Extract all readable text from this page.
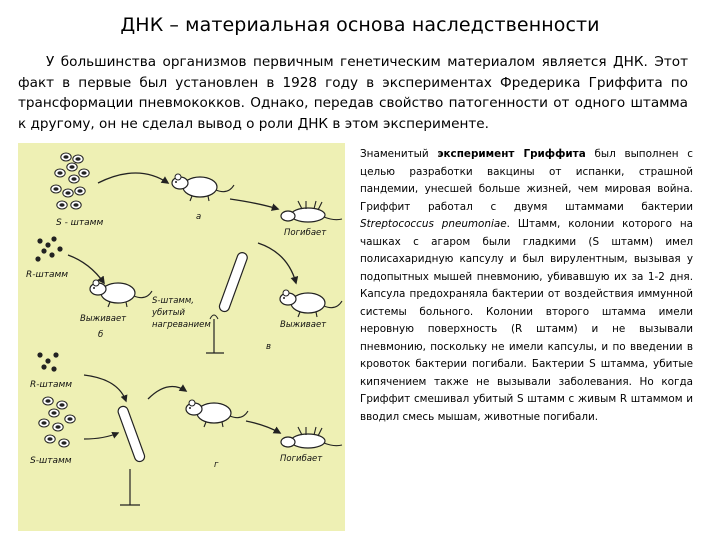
ДНК – материальная основа наследственности

У большинства организмов первичным генетическим материалом является ДНК. Этот факт в первые был установлен в 1928 году в экспериментах Фредерика Гриффита по трансформации пневмококков. Однако, передав свойство патогенности от одного штамма к другому, он не сделал вывод о роли ДНК в этом эксперименте.

S - штамм
а
Погибает
R-штамм
Выживает
б
S-штамм,
убитый
нагреванием	Выживает
в
R-штамм
S-штамм	Погибает
г

Знаменитый эксперимент Гриффита был выполнен с целью разработки вакцины от испанки, страшной пандемии, унесшей больше жизней, чем мировая война. Гриффит работал с двумя штаммами бактерии Streptococcus pneumoniae. Штамм, колонии которого на чашках с агаром были гладкими (S штамм) имел полисахаридную капсулу и был вирулентным, вызывая у подопытных мышей пневмонию, убивавшую их за 1-2 дня. Капсула предохраняла бактерии от воздействия иммунной системы больного. Колонии второго штамма имели неровную поверхность (R штамм) и не вызывали пневмонию, поскольку не имели капсулы, и по введении в кровоток бактерии погибали. Бактерии S штамма, убитые кипячением также не вызывали заболевания. Но когда Гриффит смешивал убитый S штамм с живым R штаммом и вводил смесь мышам, животные погибали.
